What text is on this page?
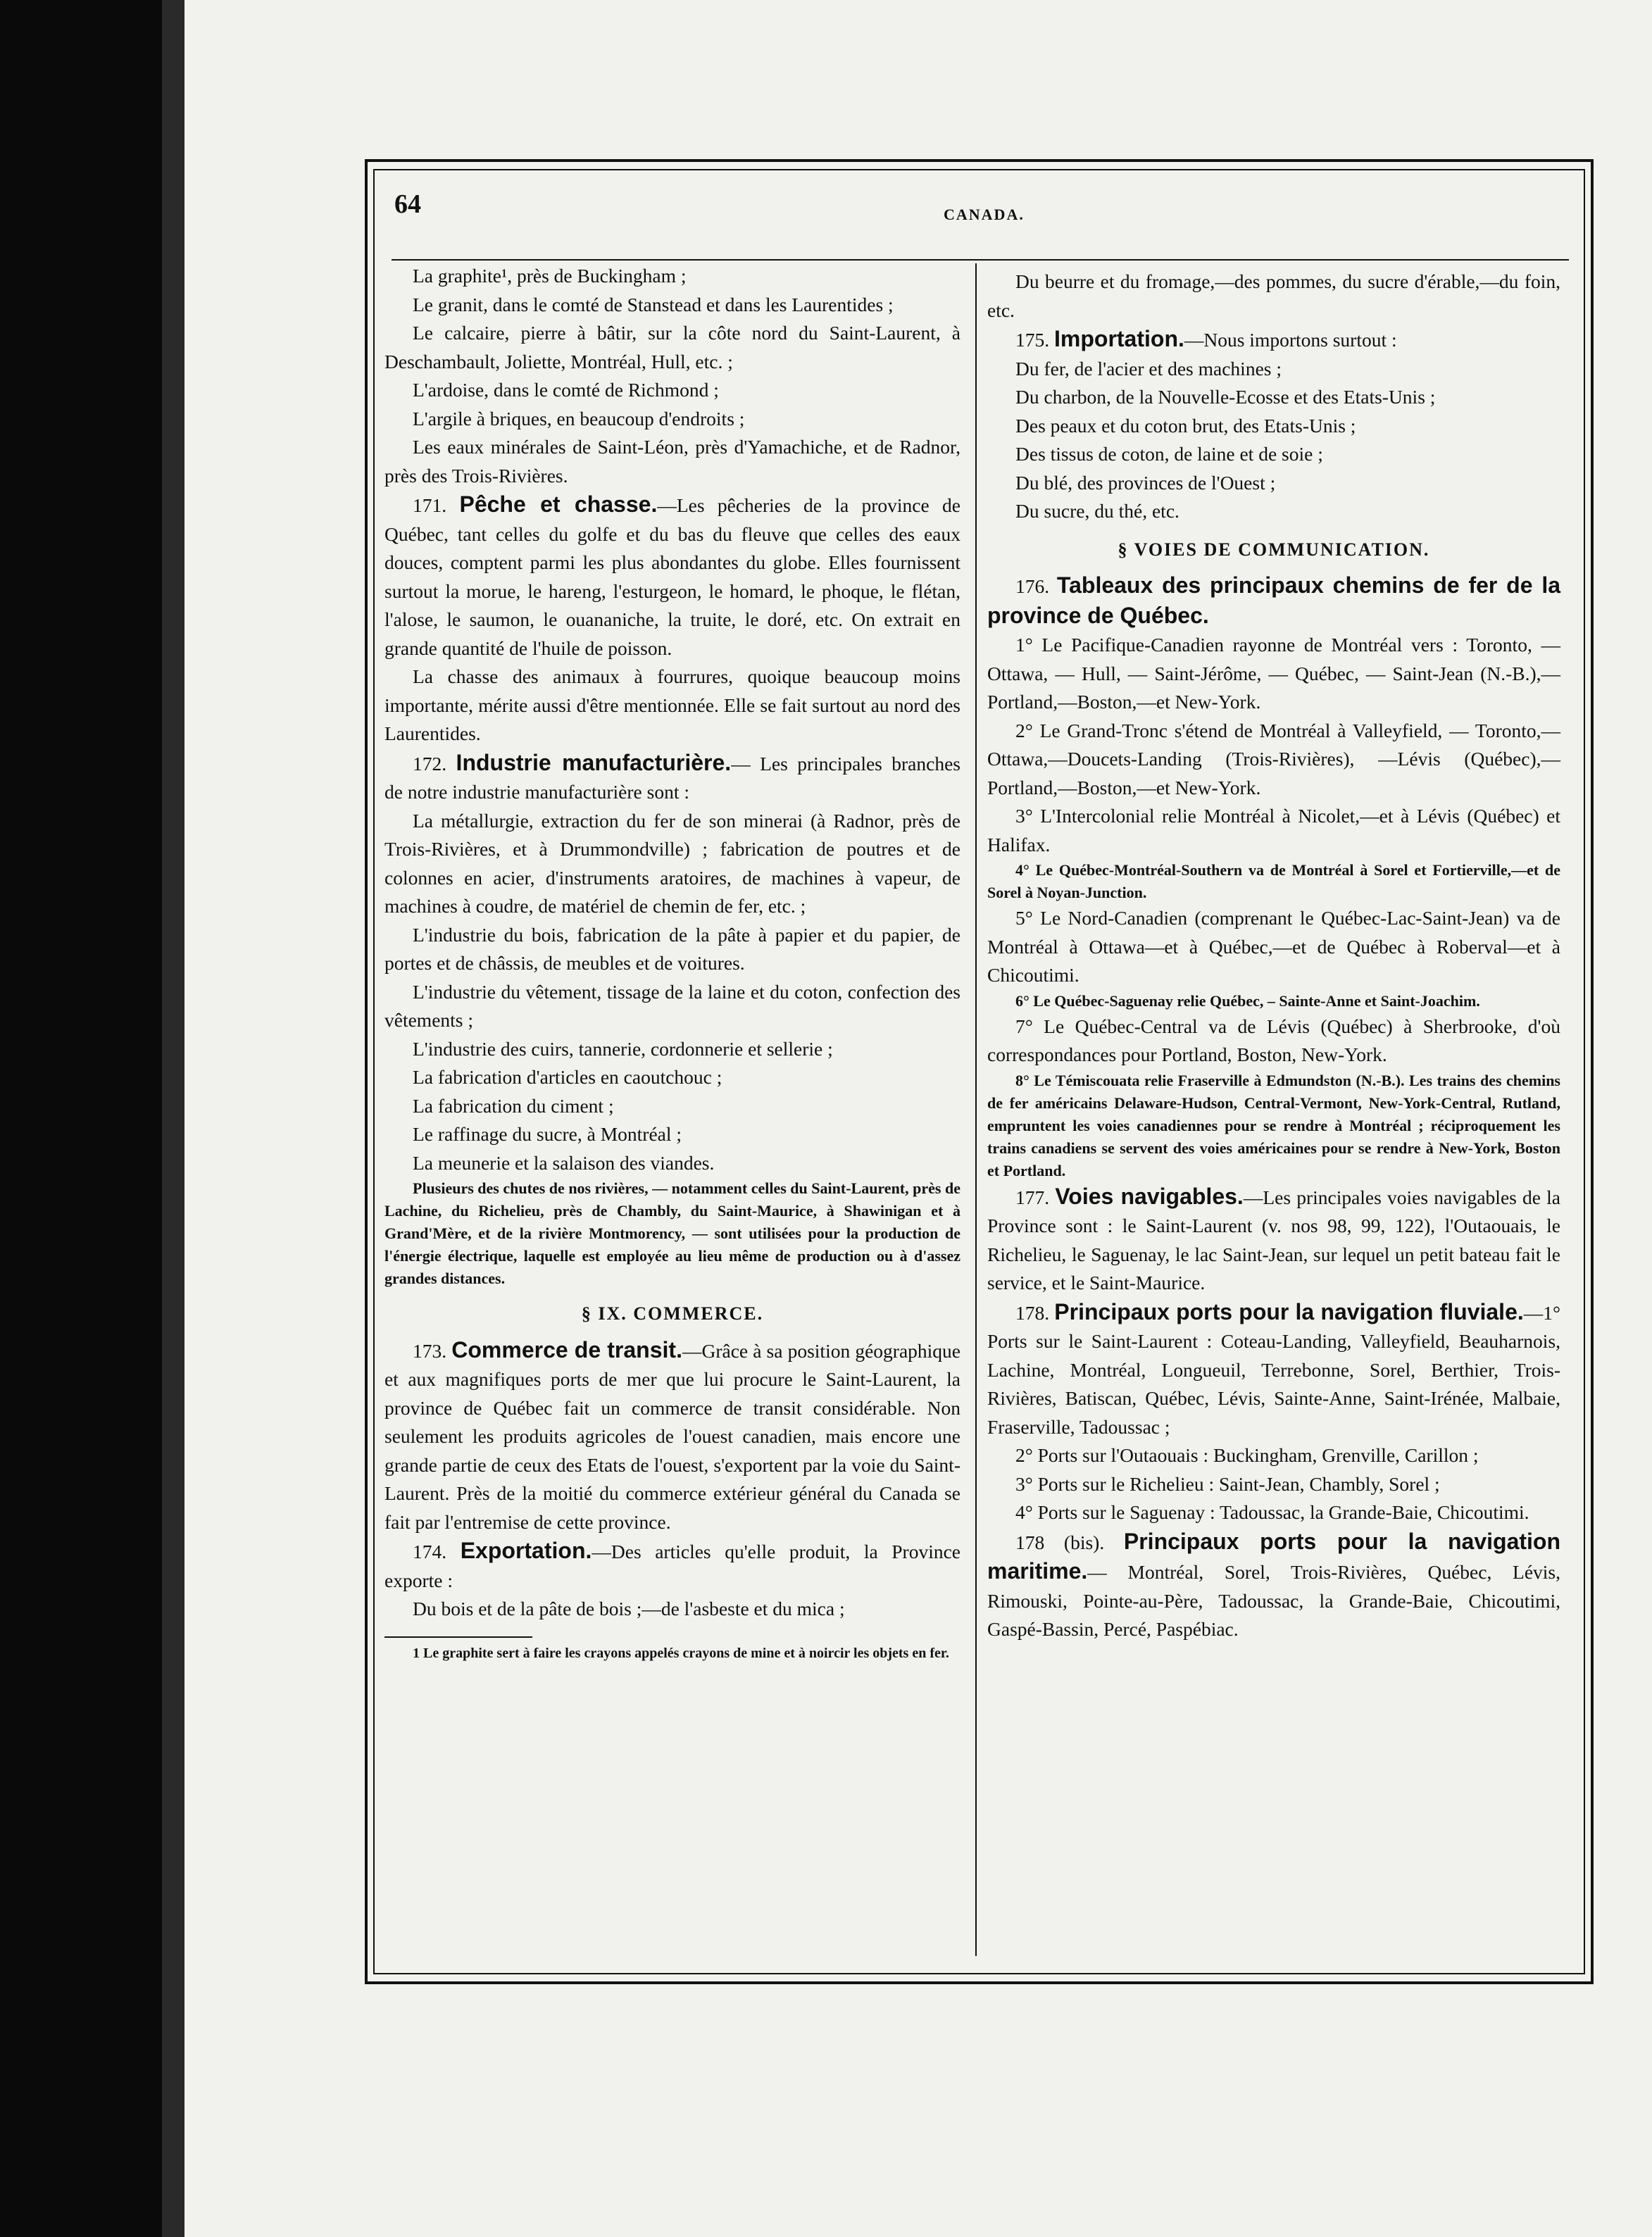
64	CANADA.

La graphite¹, près de Buckingham ;

Le granit, dans le comté de Stanstead et dans les Laurentides ;

Le calcaire, pierre à bâtir, sur la côte nord du Saint-Laurent, à Deschambault, Joliette, Montréal, Hull, etc. ;

L'ardoise, dans le comté de Richmond ;

L'argile à briques, en beaucoup d'endroits ;

Les eaux minérales de Saint-Léon, près d'Yamachiche, et de Radnor, près des Trois-Rivières.

171. Pêche et chasse.—Les pêcheries de la province de Québec, tant celles du golfe et du bas du fleuve que celles des eaux douces, comptent parmi les plus abondantes du globe. Elles fournissent surtout la morue, le hareng, l'esturgeon, le homard, le phoque, le flétan, l'alose, le saumon, le ouananiche, la truite, le doré, etc. On extrait en grande quantité de l'huile de poisson.

La chasse des animaux à fourrures, quoique beaucoup moins importante, mérite aussi d'être mentionnée. Elle se fait surtout au nord des Laurentides.

172. Industrie manufacturière.— Les principales branches de notre industrie manufacturière sont :

La métallurgie, extraction du fer de son minerai (à Radnor, près de Trois-Rivières, et à Drummondville) ; fabrication de poutres et de colonnes en acier, d'instruments aratoires, de machines à vapeur, de machines à coudre, de matériel de chemin de fer, etc. ;

L'industrie du bois, fabrication de la pâte à papier et du papier, de portes et de châssis, de meubles et de voitures.

L'industrie du vêtement, tissage de la laine et du coton, confection des vêtements ;

L'industrie des cuirs, tannerie, cordonnerie et sellerie ;

La fabrication d'articles en caoutchouc ;

La fabrication du ciment ;

Le raffinage du sucre, à Montréal ;

La meunerie et la salaison des viandes.

Plusieurs des chutes de nos rivières, — notamment celles du Saint-Laurent, près de Lachine, du Richelieu, près de Chambly, du Saint-Maurice, à Shawinigan et à Grand'Mère, et de la rivière Montmorency, — sont utilisées pour la production de l'énergie électrique, laquelle est employée au lieu même de production ou à d'assez grandes distances.

§ IX. COMMERCE.

173. Commerce de transit.—Grâce à sa position géographique et aux magnifiques ports de mer que lui procure le Saint-Laurent, la province de Québec fait un commerce de transit considérable. Non seulement les produits agricoles de l'ouest canadien, mais encore une grande partie de ceux des Etats de l'ouest, s'exportent par la voie du Saint-Laurent. Près de la moitié du commerce extérieur général du Canada se fait par l'entremise de cette province.

174. Exportation.—Des articles qu'elle produit, la Province exporte :

Du bois et de la pâte de bois ;—de l'asbeste et du mica ;

1 Le graphite sert à faire les crayons appelés crayons de mine et à noircir les objets en fer.

Du beurre et du fromage,—des pommes, du sucre d'érable,—du foin, etc.

175. Importation.—Nous importons surtout :

Du fer, de l'acier et des machines ;

Du charbon, de la Nouvelle-Ecosse et des Etats-Unis ;

Des peaux et du coton brut, des Etats-Unis ;

Des tissus de coton, de laine et de soie ;

Du blé, des provinces de l'Ouest ;

Du sucre, du thé, etc.

§ VOIES DE COMMUNICATION.

176. Tableaux des principaux chemins de fer de la province de Québec.

1° Le Pacifique-Canadien rayonne de Montréal vers : Toronto, — Ottawa, — Hull, — Saint-Jérôme, — Québec, — Saint-Jean (N.-B.),—Portland,—Boston,—et New-York.

2° Le Grand-Tronc s'étend de Montréal à Valleyfield, — Toronto,—Ottawa,—Doucets-Landing (Trois-Rivières), —Lévis (Québec),—Portland,—Boston,—et New-York.

3° L'Intercolonial relie Montréal à Nicolet,—et à Lévis (Québec) et Halifax.

4° Le Québec-Montréal-Southern va de Montréal à Sorel et Fortierville,—et de Sorel à Noyan-Junction.

5° Le Nord-Canadien (comprenant le Québec-Lac-Saint-Jean) va de Montréal à Ottawa—et à Québec,—et de Québec à Roberval—et à Chicoutimi.

6° Le Québec-Saguenay relie Québec, – Sainte-Anne et Saint-Joachim.

7° Le Québec-Central va de Lévis (Québec) à Sherbrooke, d'où correspondances pour Portland, Boston, New-York.

8° Le Témiscouata relie Fraserville à Edmundston (N.-B.). Les trains des chemins de fer américains Delaware-Hudson, Central-Vermont, New-York-Central, Rutland, empruntent les voies canadiennes pour se rendre à Montréal ; réciproquement les trains canadiens se servent des voies américaines pour se rendre à New-York, Boston et Portland.

177. Voies navigables.—Les principales voies navigables de la Province sont : le Saint-Laurent (v. nos 98, 99, 122), l'Outaouais, le Richelieu, le Saguenay, le lac Saint-Jean, sur lequel un petit bateau fait le service, et le Saint-Maurice.

178. Principaux ports pour la navigation fluviale.—1° Ports sur le Saint-Laurent : Coteau-Landing, Valleyfield, Beauharnois, Lachine, Montréal, Longueuil, Terrebonne, Sorel, Berthier, Trois-Rivières, Batiscan, Québec, Lévis, Sainte-Anne, Saint-Irénée, Malbaie, Fraserville, Tadoussac ;

2° Ports sur l'Outaouais : Buckingham, Grenville, Carillon ;

3° Ports sur le Richelieu : Saint-Jean, Chambly, Sorel ;

4° Ports sur le Saguenay : Tadoussac, la Grande-Baie, Chicoutimi.

178 (bis). Principaux ports pour la navigation maritime.— Montréal, Sorel, Trois-Rivières, Québec, Lévis, Rimouski, Pointe-au-Père, Tadoussac, la Grande-Baie, Chicoutimi, Gaspé-Bassin, Percé, Paspébiac.
